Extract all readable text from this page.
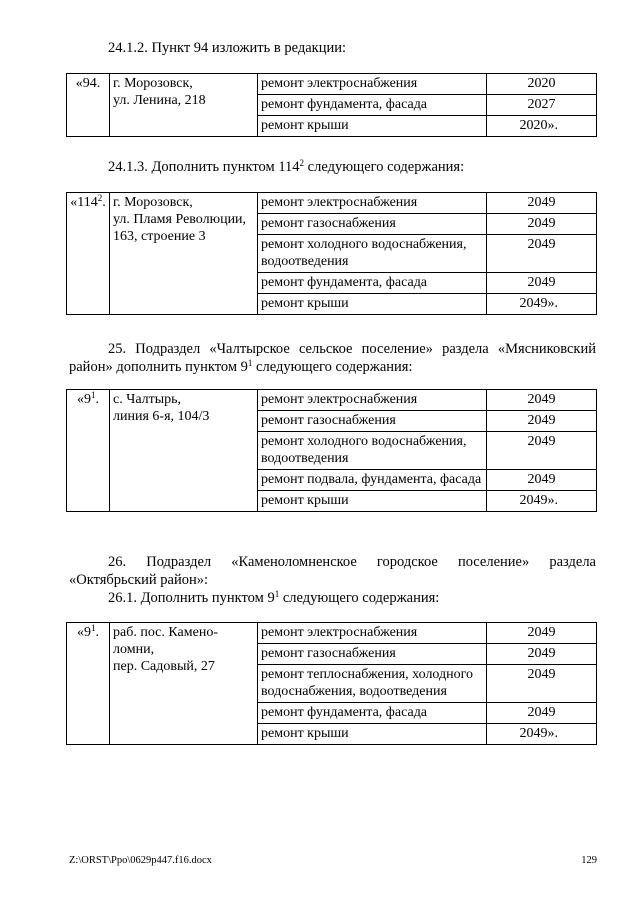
24.1.2. Пункт 94 изложить в редакции:
«94.	г. Морозовск,
ул. Ленина, 218	ремонт электроснабжения	2020
		ремонт фундамента, фасада	2027
		ремонт крыши	2020».
24.1.3. Дополнить пунктом $114^2$ следующего содержания:
«$114^2$.	г. Морозовск,
ул. Пламя Революции,
163, строение 3	ремонт электроснабжения	2049
		ремонт газоснабжения	2049
		ремонт холодного водоснабжения, водоотведения	2049
		ремонт фундамента, фасада	2049
		ремонт крыши	2049».
25. Подраздел «Чалтырское сельское поселение» раздела «Мясниковский
район» дополнить пунктом $9^1$ следующего содержания:
«$9^1$.	с. Чалтырь,
линия 6-я, 104/3	ремонт электроснабжения	2049
		ремонт газоснабжения	2049
		ремонт холодного водоснабжения, водоотведения	2049
		ремонт подвала, фундамента, фасада	2049
		ремонт крыши	2049».
26. Подраздел «Каменоломненское городское поселение» раздела
«Октябрьский район»:
26.1. Дополнить пунктом $9^1$ следующего содержания:
«$9^1$.	раб. пос. Камено-
ломни,
пер. Садовый, 27	ремонт электроснабжения	2049
		ремонт газоснабжения	2049
		ремонт теплоснабжения, холодного водоснабжения, водоотведения	2049
		ремонт фундамента, фасада	2049
		ремонт крыши	2049».
Z:\ORST\Ppo\0629p447.f16.docx	129
